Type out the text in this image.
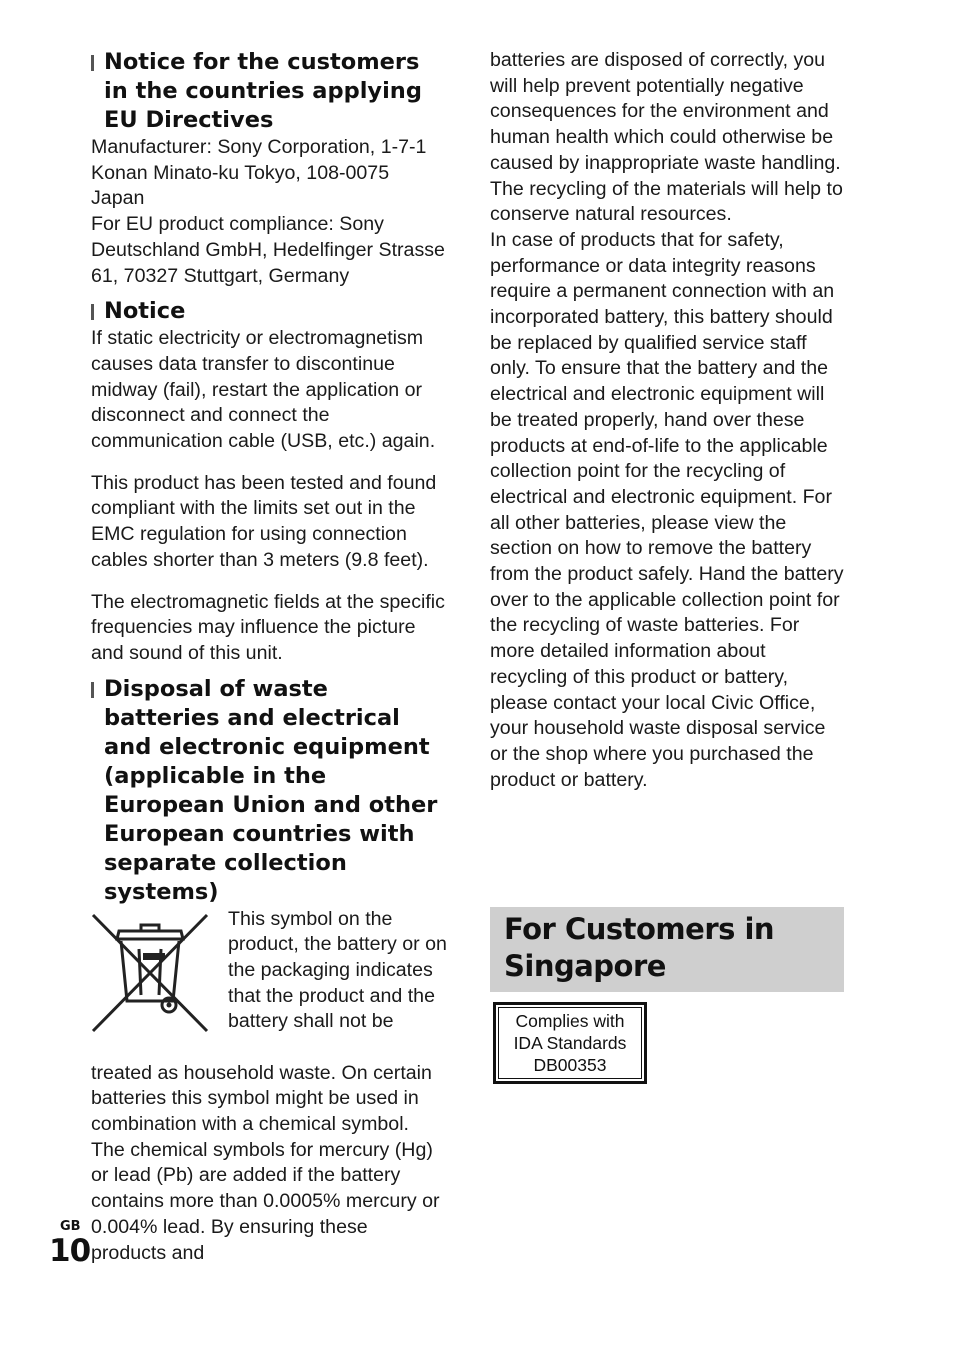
Notice for the customers in the countries applying EU Directives

Manufacturer: Sony Corporation, 1-7-1 Konan Minato-ku Tokyo, 108-0075 Japan

For EU product compliance: Sony Deutschland GmbH, Hedelfinger Strasse 61, 70327 Stuttgart, Germany

Notice

If static electricity or electromagnetism causes data transfer to discontinue midway (fail), restart the application or disconnect and connect the communication cable (USB, etc.) again.

This product has been tested and found compliant with the limits set out in the EMC regulation for using connection cables shorter than 3 meters (9.8 feet).

The electromagnetic fields at the specific frequencies may influence the picture and sound of this unit.

Disposal of waste batteries and electrical and electronic equipment (applicable in the European Union and other European countries with separate collection systems)

This symbol on the product, the battery or on the packaging indicates that the product and the battery shall not be

treated as household waste. On certain batteries this symbol might be used in combination with a chemical symbol. The chemical symbols for mercury (Hg) or lead (Pb) are added if the battery contains more than 0.0005% mercury or 0.004% lead. By ensuring these products and

batteries are disposed of correctly, you will help prevent potentially negative consequences for the environment and human health which could otherwise be caused by inappropriate waste handling. The recycling of the materials will help to conserve natural resources.
In case of products that for safety, performance or data integrity reasons require a permanent connection with an incorporated battery, this battery should be replaced by qualified service staff only. To ensure that the battery and the electrical and electronic equipment will be treated properly, hand over these products at end-of-life to the applicable collection point for the recycling of electrical and electronic equipment. For all other batteries, please view the section on how to remove the battery from the product safely. Hand the battery over to the applicable collection point for the recycling of waste batteries. For more detailed information about recycling of this product or battery, please contact your local Civic Office, your household waste disposal service or the shop where you purchased the product or battery.

For Customers in
Singapore
Complies with
IDA Standards
DB00353
GB
10
